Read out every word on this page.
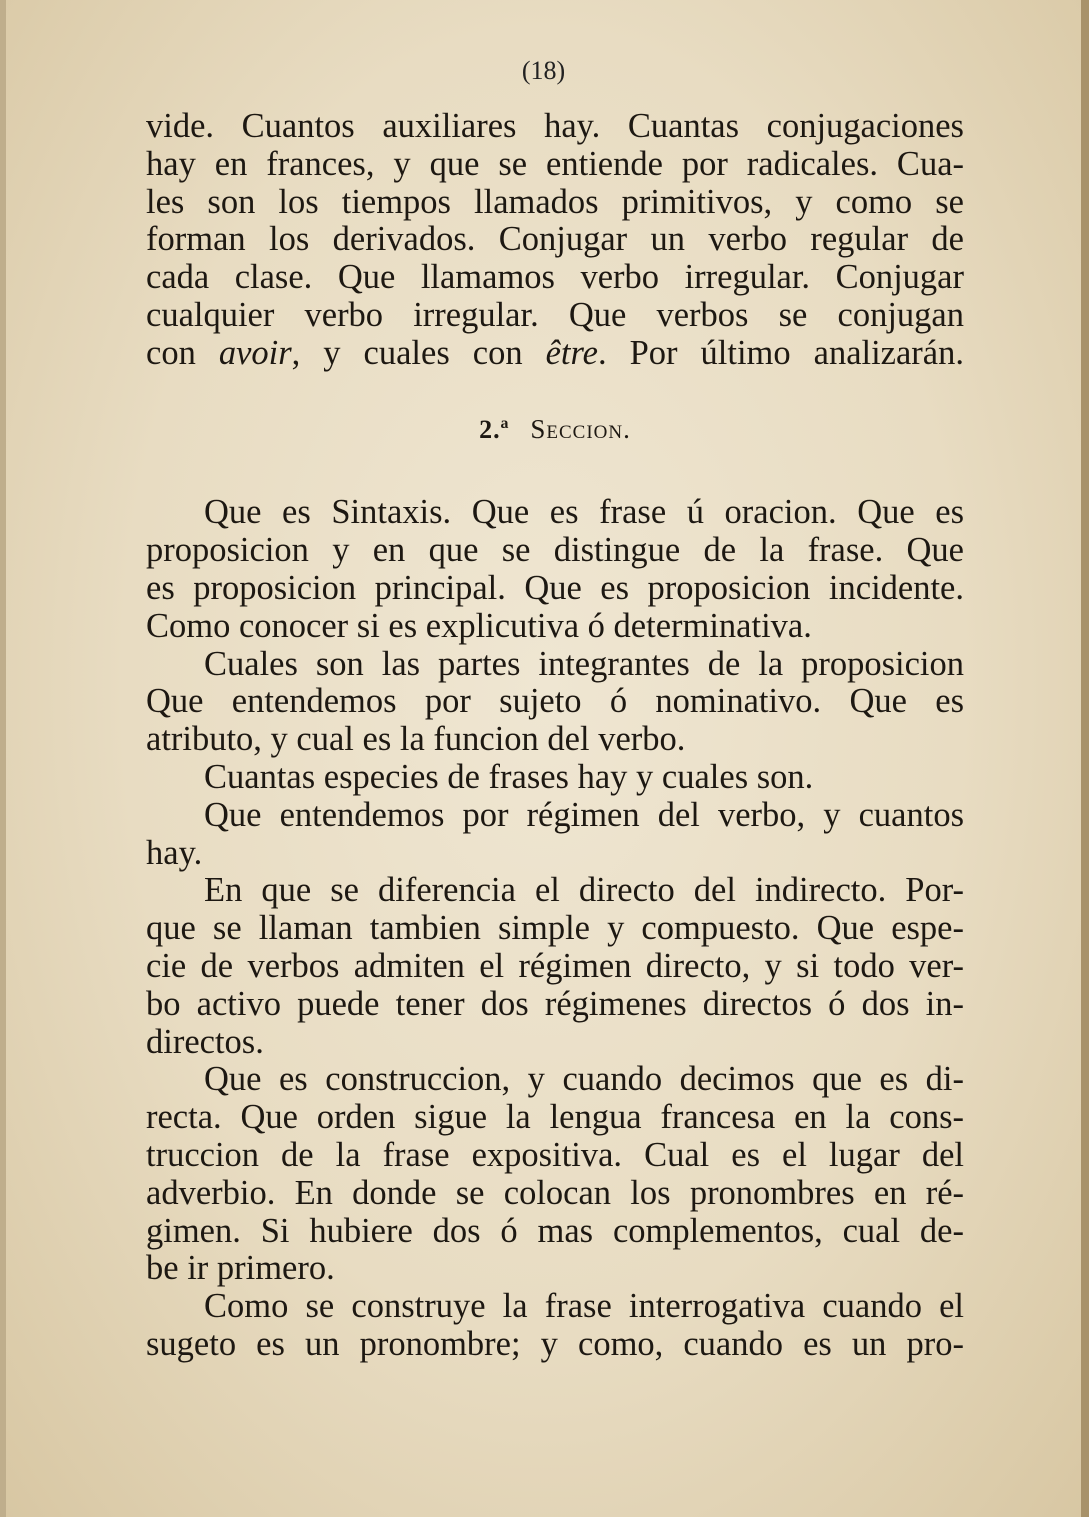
(18)
vide. Cuantos auxiliares hay. Cuantas conjugaciones
hay en frances, y que se entiende por radicales. Cua-
les son los tiempos llamados primitivos, y como se
forman los derivados. Conjugar un verbo regular de
cada clase. Que llamamos verbo irregular. Conjugar
cualquier verbo irregular. Que verbos se conjugan
con avoir, y cuales con être. Por último analizarán.
2.ª Seccion.
Que es Sintaxis. Que es frase ú oracion. Que es
proposicion y en que se distingue de la frase. Que
es proposicion principal. Que es proposicion incidente.
Como conocer si es explicutiva ó determinativa.
Cuales son las partes integrantes de la proposicion
Que entendemos por sujeto ó nominativo. Que es
atributo, y cual es la funcion del verbo.
Cuantas especies de frases hay y cuales son.
Que entendemos por régimen del verbo, y cuantos
hay.
En que se diferencia el directo del indirecto. Por-
que se llaman tambien simple y compuesto. Que espe-
cie de verbos admiten el régimen directo, y si todo ver-
bo activo puede tener dos régimenes directos ó dos in-
directos.
Que es construccion, y cuando decimos que es di-
recta. Que orden sigue la lengua francesa en la cons-
truccion de la frase expositiva. Cual es el lugar del
adverbio. En donde se colocan los pronombres en ré-
gimen. Si hubiere dos ó mas complementos, cual de-
be ir primero.
Como se construye la frase interrogativa cuando el
sugeto es un pronombre; y como, cuando es un pro-
